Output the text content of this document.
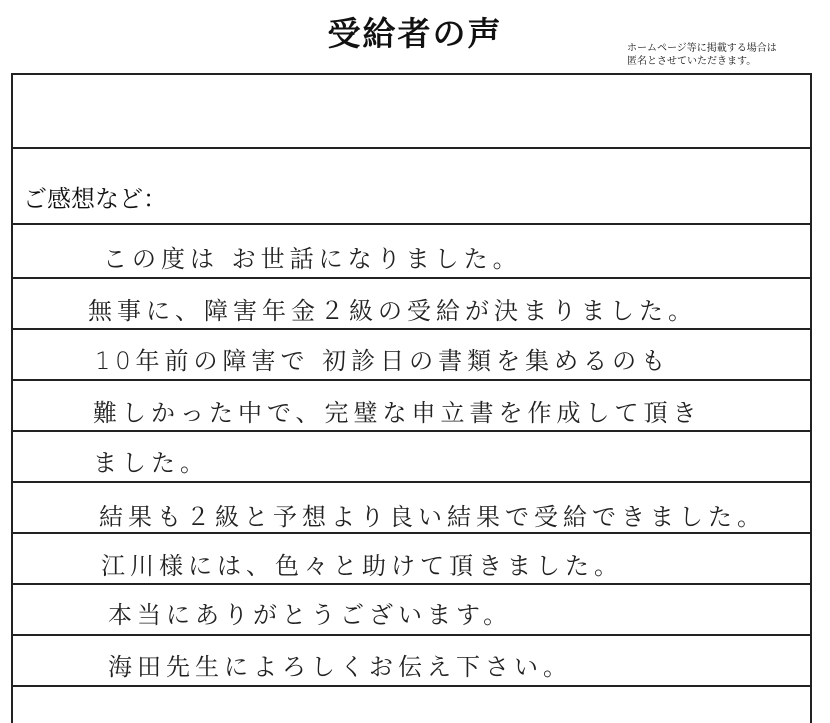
受給者の声	ホームページ等に掲載する場合は
匿名とさせていただきます。
ご感想など：
この度は お世話になりました。
無事に、障害年金２級の受給が決まりました。
10年前の障害で 初診日の書類を集めるのも
難しかった中で、完璧な申立書を作成して頂き
ました。
結果も２級と予想より良い結果で受給できました。
江川様には、色々と助けて頂きました。
本当にありがとうございます。
海田先生によろしくお伝え下さい。
